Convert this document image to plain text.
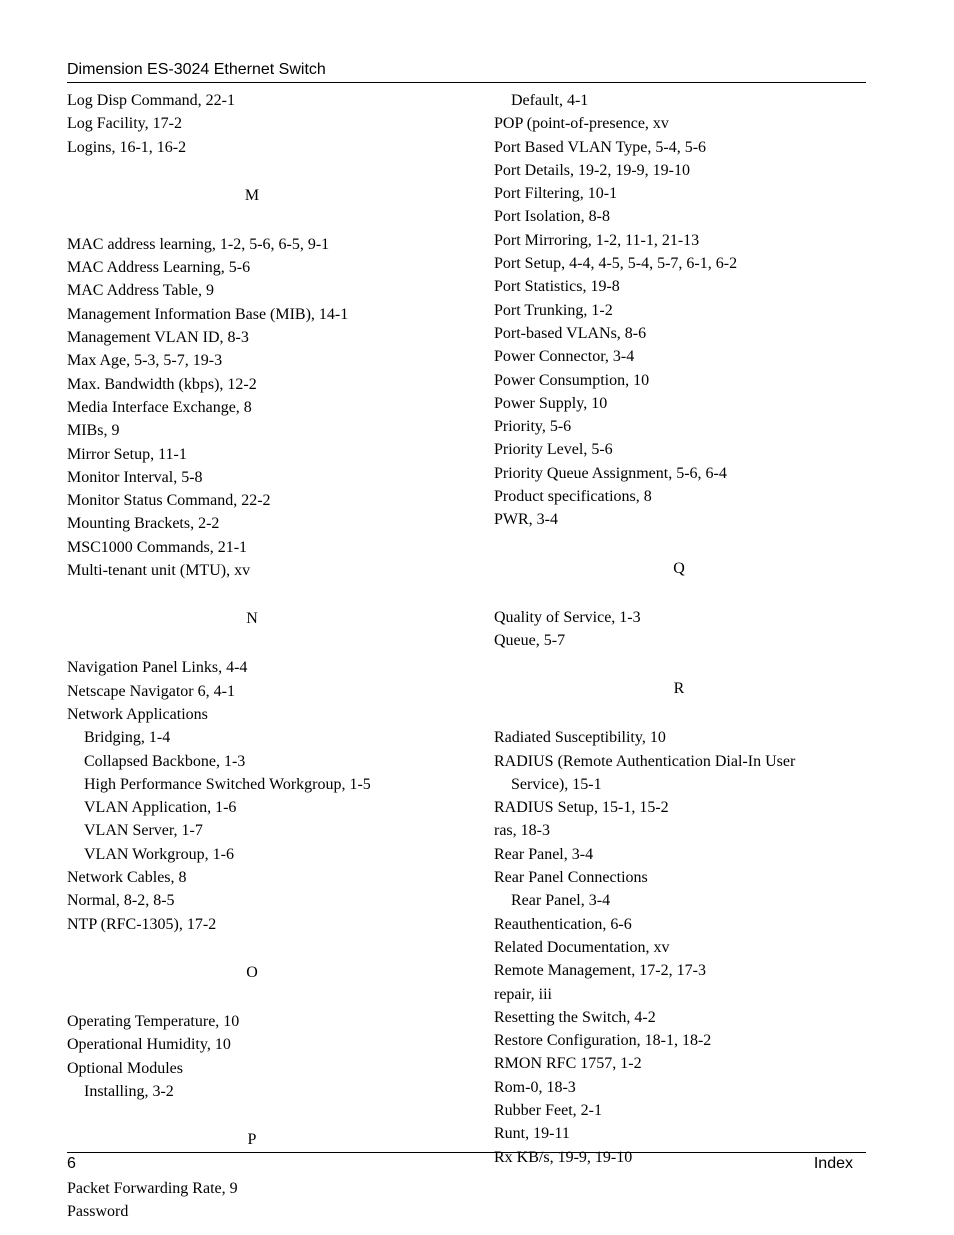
Dimension ES-3024 Ethernet Switch
Log Disp Command, 22-1
Log Facility, 17-2
Logins, 16-1, 16-2
M
MAC address learning, 1-2, 5-6, 6-5, 9-1
MAC Address Learning, 5-6
MAC Address Table, 9
Management Information Base (MIB), 14-1
Management VLAN ID, 8-3
Max Age, 5-3, 5-7, 19-3
Max. Bandwidth (kbps), 12-2
Media Interface Exchange, 8
MIBs, 9
Mirror Setup, 11-1
Monitor Interval, 5-8
Monitor Status Command, 22-2
Mounting Brackets, 2-2
MSC1000 Commands, 21-1
Multi-tenant unit (MTU), xv
N
Navigation Panel Links, 4-4
Netscape Navigator 6, 4-1
Network Applications
Bridging, 1-4
Collapsed Backbone, 1-3
High Performance Switched Workgroup, 1-5
VLAN Application, 1-6
VLAN Server, 1-7
VLAN Workgroup, 1-6
Network Cables, 8
Normal, 8-2, 8-5
NTP (RFC-1305), 17-2
O
Operating Temperature, 10
Operational Humidity, 10
Optional Modules
Installing, 3-2
P
Packet Forwarding Rate, 9
Password
Default, 4-1
POP (point-of-presence, xv
Port Based VLAN Type, 5-4, 5-6
Port Details, 19-2, 19-9, 19-10
Port Filtering, 10-1
Port Isolation, 8-8
Port Mirroring, 1-2, 11-1, 21-13
Port Setup, 4-4, 4-5, 5-4, 5-7, 6-1, 6-2
Port Statistics, 19-8
Port Trunking, 1-2
Port-based VLANs, 8-6
Power Connector, 3-4
Power Consumption, 10
Power Supply, 10
Priority, 5-6
Priority Level, 5-6
Priority Queue Assignment, 5-6, 6-4
Product specifications, 8
PWR, 3-4
Q
Quality of Service, 1-3
Queue, 5-7
R
Radiated Susceptibility, 10
RADIUS (Remote Authentication Dial-In User
Service), 15-1
RADIUS Setup, 15-1, 15-2
ras, 18-3
Rear Panel, 3-4
Rear Panel Connections
Rear Panel, 3-4
Reauthentication, 6-6
Related Documentation, xv
Remote Management, 17-2, 17-3
repair, iii
Resetting the Switch, 4-2
Restore Configuration, 18-1, 18-2
RMON RFC 1757, 1-2
Rom-0, 18-3
Rubber Feet, 2-1
Runt, 19-11
Rx KB/s, 19-9, 19-10
6	Index
